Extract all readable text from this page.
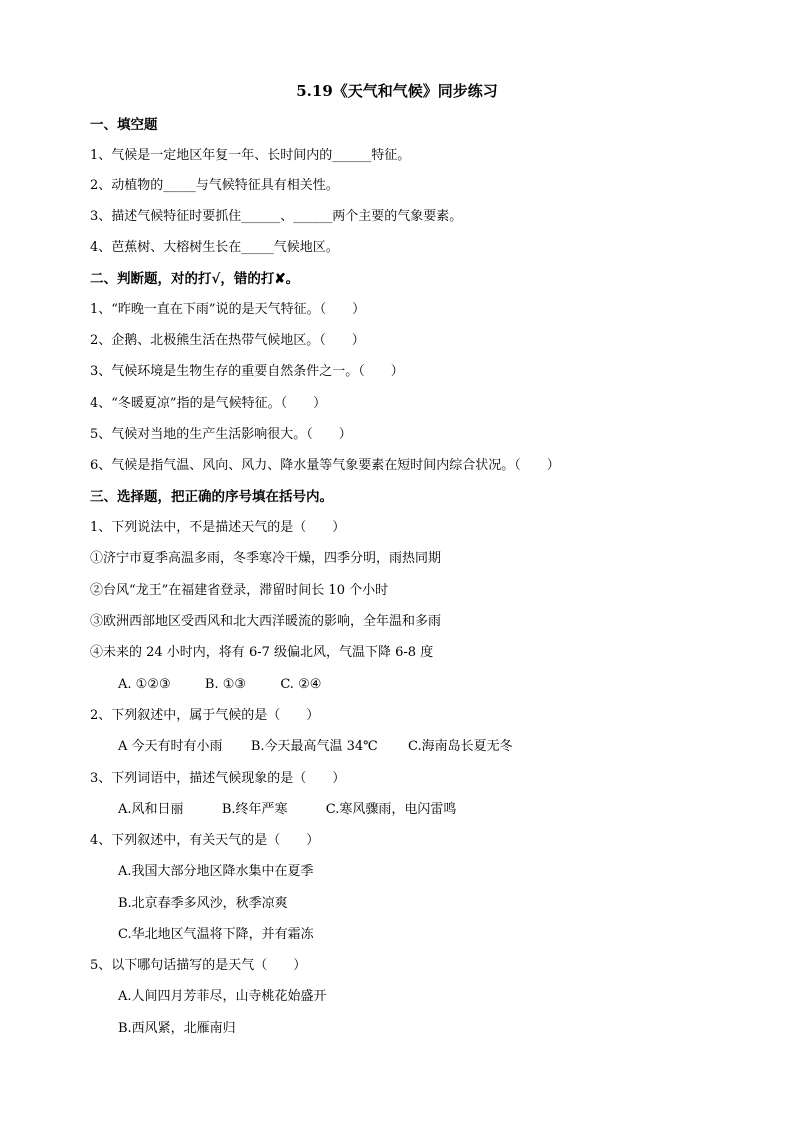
5.19《天气和气候》同步练习
一、填空题
1、气候是一定地区年复一年、长时间内的______特征。
2、动植物的_____与气候特征具有相关性。
3、描述气候特征时要抓住______、______两个主要的气象要素。
4、芭蕉树、大榕树生长在_____气候地区。
二、判断题，对的打√，错的打✘。
1、“昨晚一直在下雨”说的是天气特征。（　　）
2、企鹅、北极熊生活在热带气候地区。（　　）
3、气候环境是生物生存的重要自然条件之一。（　　）
4、“冬暖夏凉”指的是气候特征。（　　）
5、气候对当地的生产生活影响很大。（　　）
6、气候是指气温、风向、风力、降水量等气象要素在短时间内综合状况。（　　）
三、选择题，把正确的序号填在括号内。
1、下列说法中，不是描述天气的是（　　）
①济宁市夏季高温多雨，冬季寒冷干燥，四季分明，雨热同期
②台风“龙王”在福建省登录，滞留时间长 10 个小时
③欧洲西部地区受西风和北大西洋暖流的影响，全年温和多雨
④未来的 24 小时内，将有 6-7 级偏北风，气温下降 6-8 度
A. ①②③	B. ①③	C. ②④
2、下列叙述中，属于气候的是（　　）
A 今天有时有小雨 B.今天最高气温 34℃ C.海南岛长夏无冬
3、下列词语中，描述气候现象的是（　　）
A.风和日丽	B.终年严寒	C.寒风骤雨，电闪雷鸣
4、下列叙述中，有关天气的是（　　）
A.我国大部分地区降水集中在夏季
B.北京春季多风沙，秋季凉爽
C.华北地区气温将下降，并有霜冻
5、以下哪句话描写的是天气（　　）
A.人间四月芳菲尽，山寺桃花始盛开
B.西风紧，北雁南归
